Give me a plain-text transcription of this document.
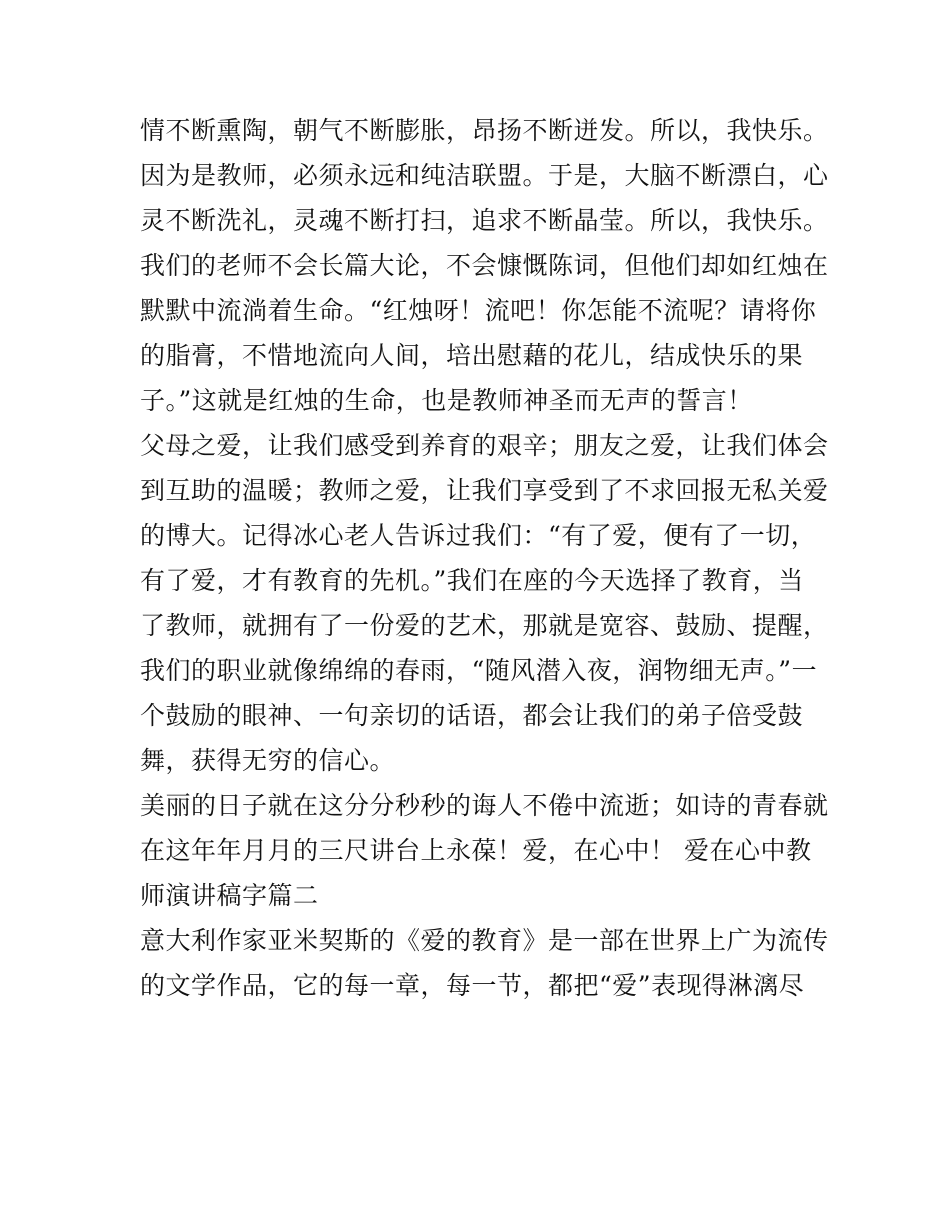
情不断熏陶，朝气不断膨胀，昂扬不断迸发。所以，我快乐。
因为是教师，必须永远和纯洁联盟。于是，大脑不断漂白，心
灵不断洗礼，灵魂不断打扫，追求不断晶莹。所以，我快乐。
我们的老师不会长篇大论，不会慷慨陈词，但他们却如红烛在
默默中流淌着生命。“红烛呀！流吧！你怎能不流呢？请将你
的脂膏，不惜地流向人间，培出慰藉的花儿，结成快乐的果
子。”这就是红烛的生命，也是教师神圣而无声的誓言！
父母之爱，让我们感受到养育的艰辛；朋友之爱，让我们体会
到互助的温暖；教师之爱，让我们享受到了不求回报无私关爱
的博大。记得冰心老人告诉过我们：“有了爱，便有了一切，
有了爱，才有教育的先机。”我们在座的今天选择了教育，当
了教师，就拥有了一份爱的艺术，那就是宽容、鼓励、提醒，
我们的职业就像绵绵的春雨，“随风潜入夜，润物细无声。”一
个鼓励的眼神、一句亲切的话语，都会让我们的弟子倍受鼓
舞，获得无穷的信心。
美丽的日子就在这分分秒秒的诲人不倦中流逝；如诗的青春就
在这年年月月的三尺讲台上永葆！爱，在心中！ 爱在心中教
师演讲稿字篇二
意大利作家亚米契斯的《爱的教育》是一部在世界上广为流传
的文学作品，它的每一章，每一节，都把“爱”表现得淋漓尽
